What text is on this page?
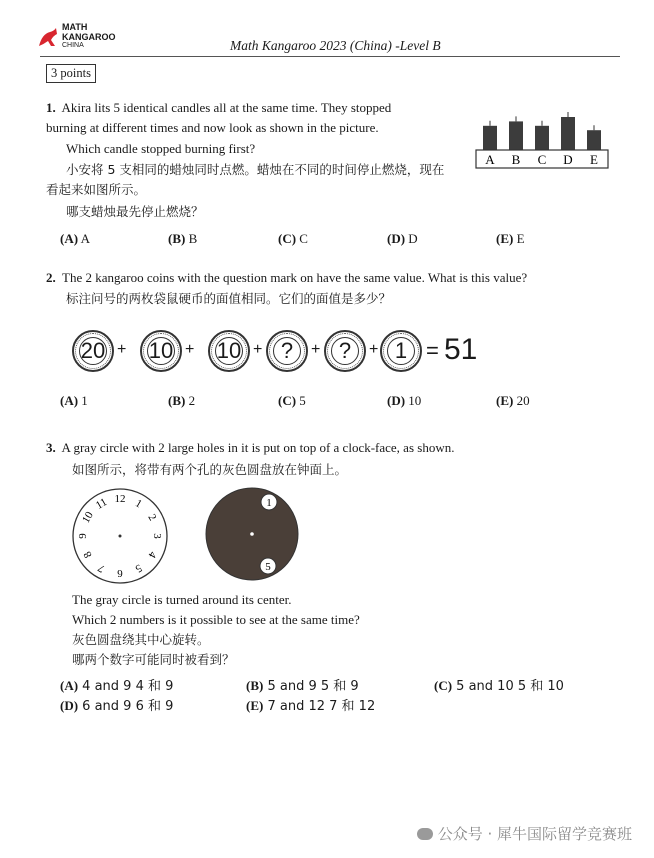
MATH
KANGAROO
CHINA	Math Kangaroo 2023 (China) -Level B
3 points
1. Akira lits 5 identical candles all at the same time. They stopped
burning at different times and now look as shown in the picture.
Which candle stopped burning first?
小安将 5 支相同的蜡烛同时点燃。蜡烛在不同的时间停止燃烧，现在
看起来如图所示。
哪支蜡烛最先停止燃烧？
A B C D E
(A) A	(B) B	(C) C	(D) D	(E) E
2. The 2 kangaroo coins with the question mark on have the same value. What is this value?
标注问号的两枚袋鼠硬币的面值相同。它们的面值是多少？
20 + 10 + 10 + ?	+ ?	+ 1 = 51
(A) 1	(B) 2	(C) 5	(D) 10	(E) 20
3. A gray circle with 2 large holes in it is put on top of a clock-face, as shown.
如图所示，将带有两个孔的灰色圆盘放在钟面上。
12 1
2
3
4
5
6
7
8
9
10
11	1
5
The gray circle is turned around its center.
Which 2 numbers is it possible to see at the same time?
灰色圆盘绕其中心旋转。
哪两个数字可能同时被看到？
(A) 4 and 9 4 和 9	(B) 5 and 9 5 和 9	(C) 5 and 10 5 和 10
(D) 6 and 9 6 和 9	(E) 7 and 12 7 和 12
公众号 · 犀牛国际留学竞赛班
